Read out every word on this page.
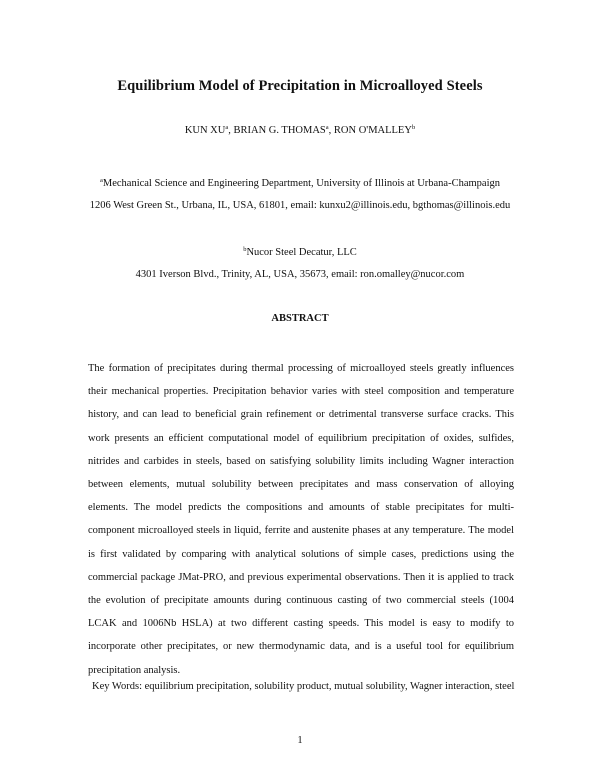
Equilibrium Model of Precipitation in Microalloyed Steels
KUN $XU^a$, BRIAN G. THOMAS$^a$, RON O'MALLEY$^b$
$^a$Mechanical Science and Engineering Department, University of Illinois at Urbana-Champaign
1206 West Green St., Urbana, IL, USA, 61801, email: kunxu2@illinois.edu, bgthomas@illinois.edu
$^b$Nucor Steel Decatur, LLC
4301 Iverson Blvd., Trinity, AL, USA, 35673, email: ron.omalley@nucor.com
ABSTRACT
The formation of precipitates during thermal processing of microalloyed steels greatly influences their mechanical properties. Precipitation behavior varies with steel composition and temperature history, and can lead to beneficial grain refinement or detrimental transverse surface cracks. This work presents an efficient computational model of equilibrium precipitation of oxides, sulfides, nitrides and carbides in steels, based on satisfying solubility limits including Wagner interaction between elements, mutual solubility between precipitates and mass conservation of alloying elements. The model predicts the compositions and amounts of stable precipitates for multi-component microalloyed steels in liquid, ferrite and austenite phases at any temperature. The model is first validated by comparing with analytical solutions of simple cases, predictions using the commercial package JMat-PRO, and previous experimental observations. Then it is applied to track the evolution of precipitate amounts during continuous casting of two commercial steels (1004 LCAK and 1006Nb HSLA) at two different casting speeds. This model is easy to modify to incorporate other precipitates, or new thermodynamic data, and is a useful tool for equilibrium precipitation analysis.
Key Words: equilibrium precipitation, solubility product, mutual solubility, Wagner interaction, steel
1
